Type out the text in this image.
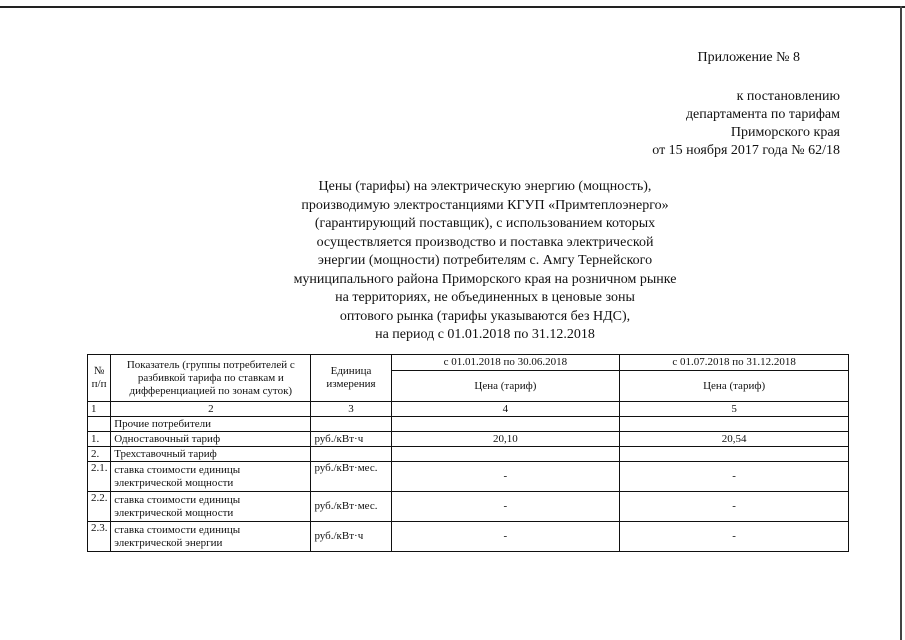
Приложение № 8
к постановлению
департамента по тарифам
Приморского края
от 15 ноября 2017 года № 62/18
Цены (тарифы) на электрическую энергию (мощность),
производимую электростанциями КГУП «Примтеплоэнерго»
(гарантирующий поставщик), с использованием которых
осуществляется производство и поставка электрической
энергии (мощности) потребителям с. Амгу Тернейского
муниципального района Приморского края на розничном рынке
на территориях, не объединенных в ценовые зоны
оптового рынка (тарифы указываются без НДС),
на период с 01.01.2018 по 31.12.2018
№ п/п	Показатель (группы потребителей с разбивкой тарифа по ставкам и дифференциацией по зонам суток)	Единица измерения	с 01.01.2018 по 30.06.2018	с 01.07.2018 по 31.12.2018
			Цена (тариф)	Цена (тариф)
1	2	3	4	5
	Прочие потребители			
1.	Одноставочный тариф	руб./кВт·ч	20,10	20,54
2.	Трехставочный тариф			
2.1.	ставка стоимости единицы электрической мощности	руб./кВт·мес.	-	-
2.2.	ставка стоимости единицы электрической мощности	руб./кВт·мес.	-	-
2.3.	ставка стоимости единицы электрической энергии	руб./кВт·ч	-	-
